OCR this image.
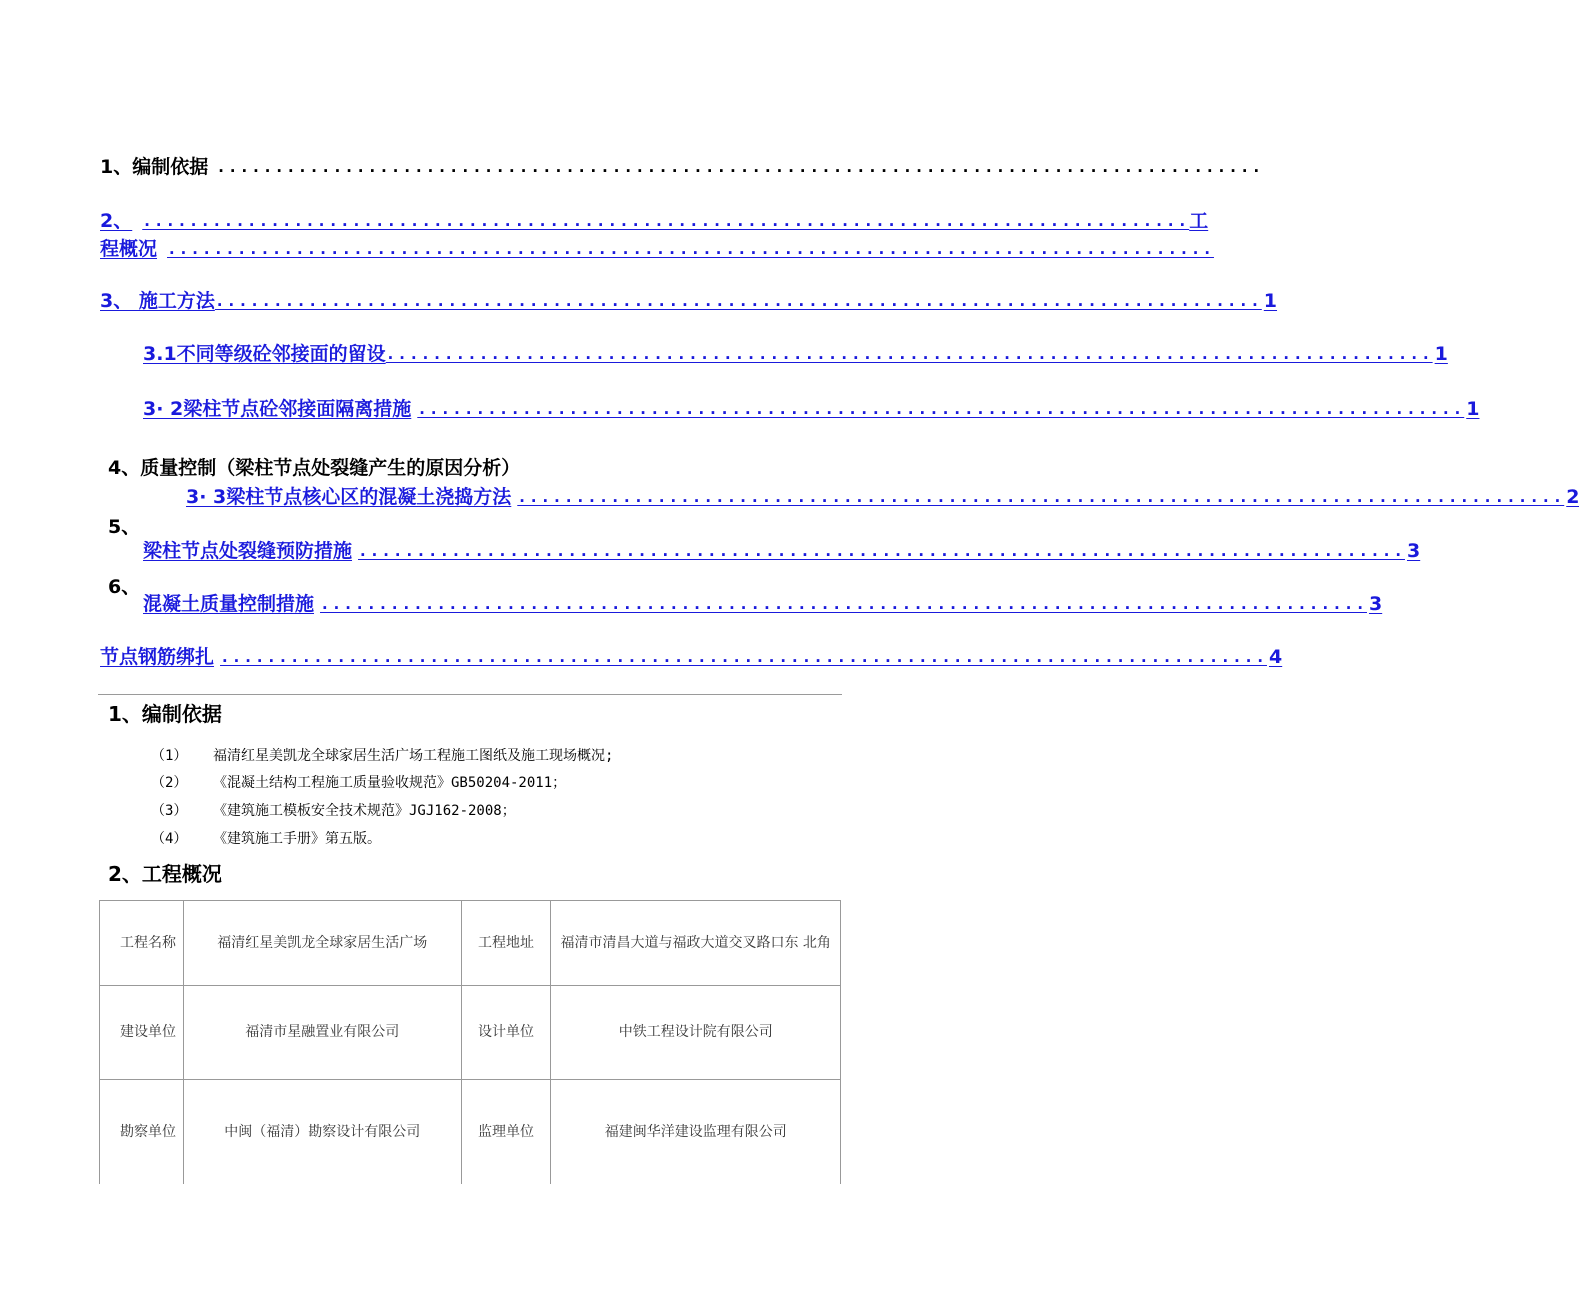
1、编制依据 ..........................................................................................
2、 .......................................................................................... 工
程概况 ..........................................................................................
3、 施工方法 .......................................................................................... 1
3.1不同等级砼邻接面的留设 .......................................................................................... 1
3· 2梁柱节点砼邻接面隔离措施 .......................................................................................... 1
4、质量控制（梁柱节点处裂缝产生的原因分析）
3· 3梁柱节点核心区的混凝土浇捣方法 .......................................................................................... 2
5、
梁柱节点处裂缝预防措施 .......................................................................................... 3
6、
混凝土质量控制措施 .......................................................................................... 3
节点钢筋绑扎 .......................................................................................... 4
1、编制依据
（1） 福清红星美凯龙全球家居生活广场工程施工图纸及施工现场概况;
（2） 《混凝土结构工程施工质量验收规范》GB50204-2011；
（3） 《建筑施工模板安全技术规范》JGJ162-2008；
（4） 《建筑施工手册》第五版。
2、工程概况
工程名称	福清红星美凯龙全球家居生活广场	工程地址	福清市清昌大道与福政大道交叉路口东 北角
建设单位	福清市星融置业有限公司	设计单位	中铁工程设计院有限公司
勘察单位	中闽（福清）勘察设计有限公司	监理单位	福建闽华洋建设监理有限公司
